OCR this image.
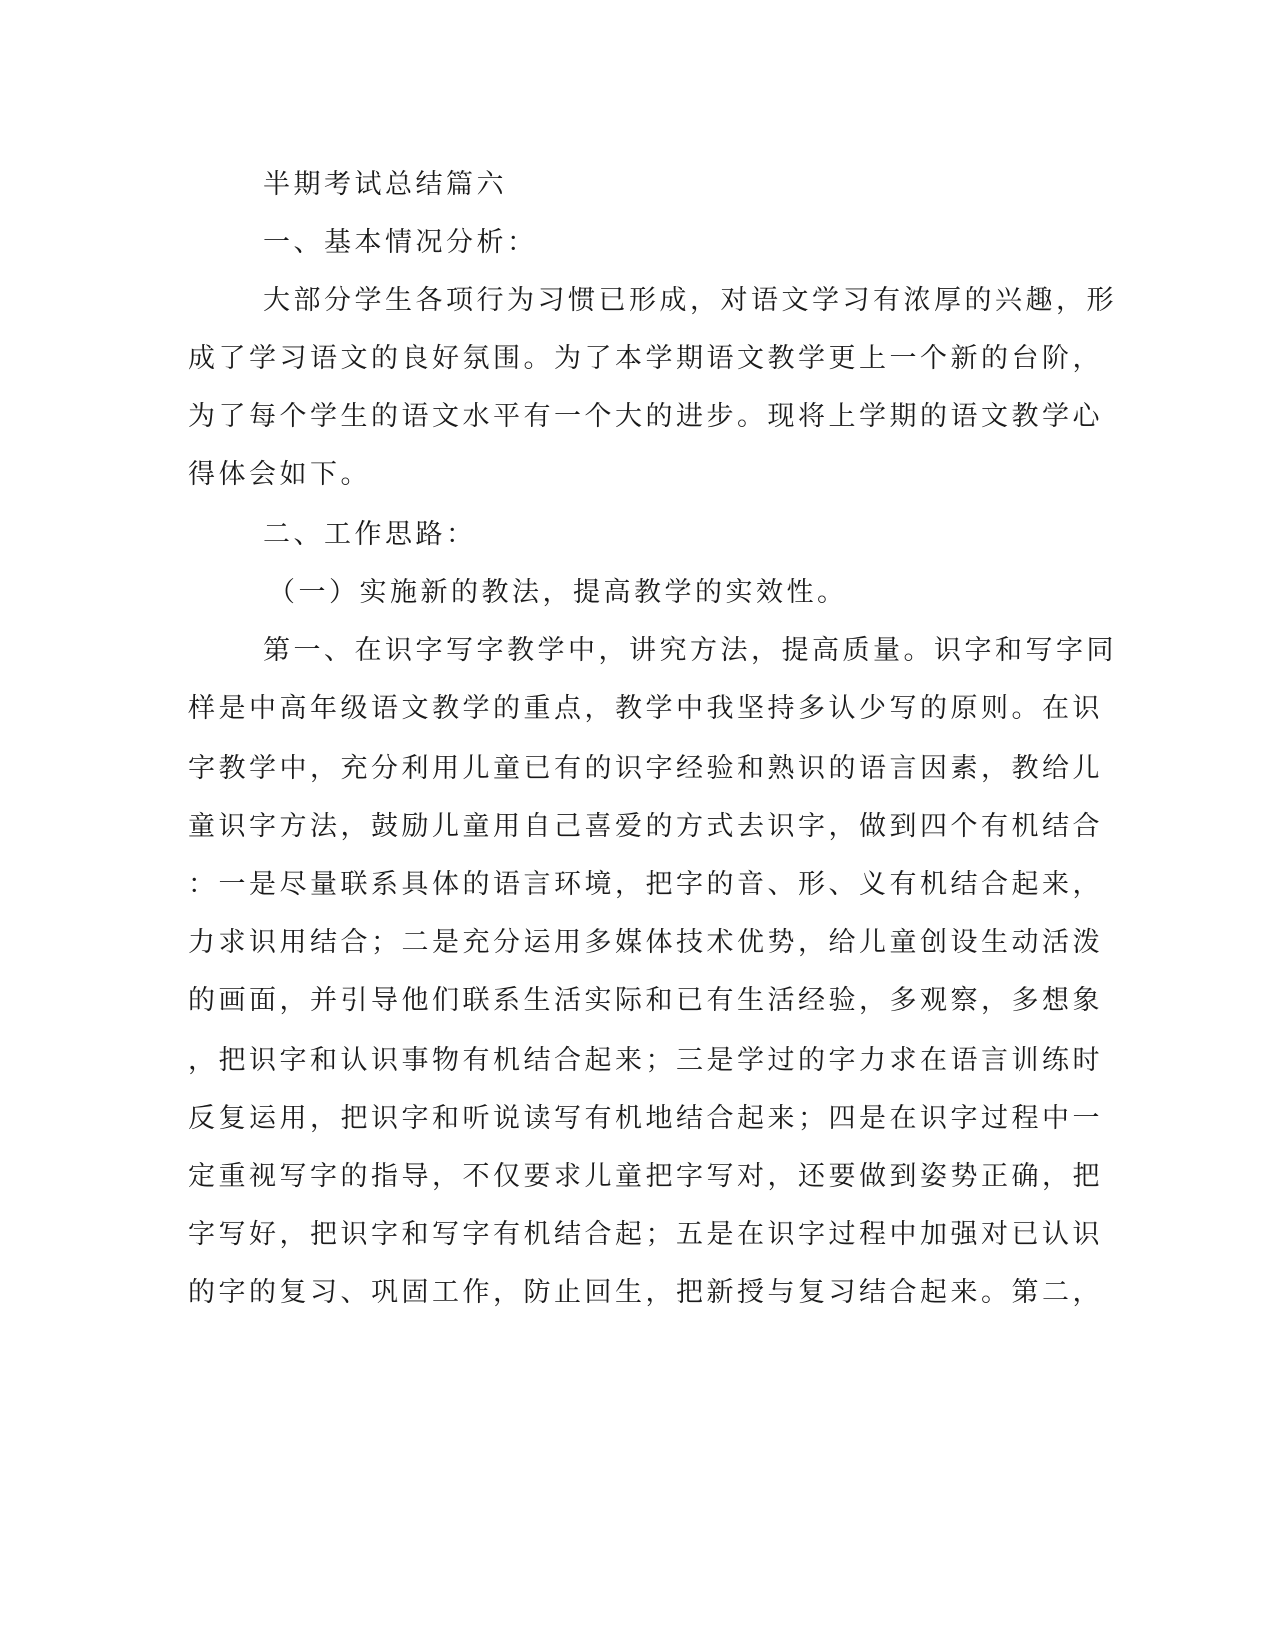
半期考试总结篇六
一、基本情况分析：
大部分学生各项行为习惯已形成，对语文学习有浓厚的兴趣，形
成了学习语文的良好氛围。为了本学期语文教学更上一个新的台阶，
为了每个学生的语文水平有一个大的进步。现将上学期的语文教学心
得体会如下。
二、工作思路：
（一）实施新的教法，提高教学的实效性。
第一、在识字写字教学中，讲究方法，提高质量。识字和写字同
样是中高年级语文教学的重点，教学中我坚持多认少写的原则。在识
字教学中，充分利用儿童已有的识字经验和熟识的语言因素，教给儿
童识字方法，鼓励儿童用自己喜爱的方式去识字，做到四个有机结合
：一是尽量联系具体的语言环境，把字的音、形、义有机结合起来，
力求识用结合；二是充分运用多媒体技术优势，给儿童创设生动活泼
的画面，并引导他们联系生活实际和已有生活经验，多观察，多想象
，把识字和认识事物有机结合起来；三是学过的字力求在语言训练时
反复运用，把识字和听说读写有机地结合起来；四是在识字过程中一
定重视写字的指导，不仅要求儿童把字写对，还要做到姿势正确，把
字写好，把识字和写字有机结合起；五是在识字过程中加强对已认识
的字的复习、巩固工作，防止回生，把新授与复习结合起来。第二，
